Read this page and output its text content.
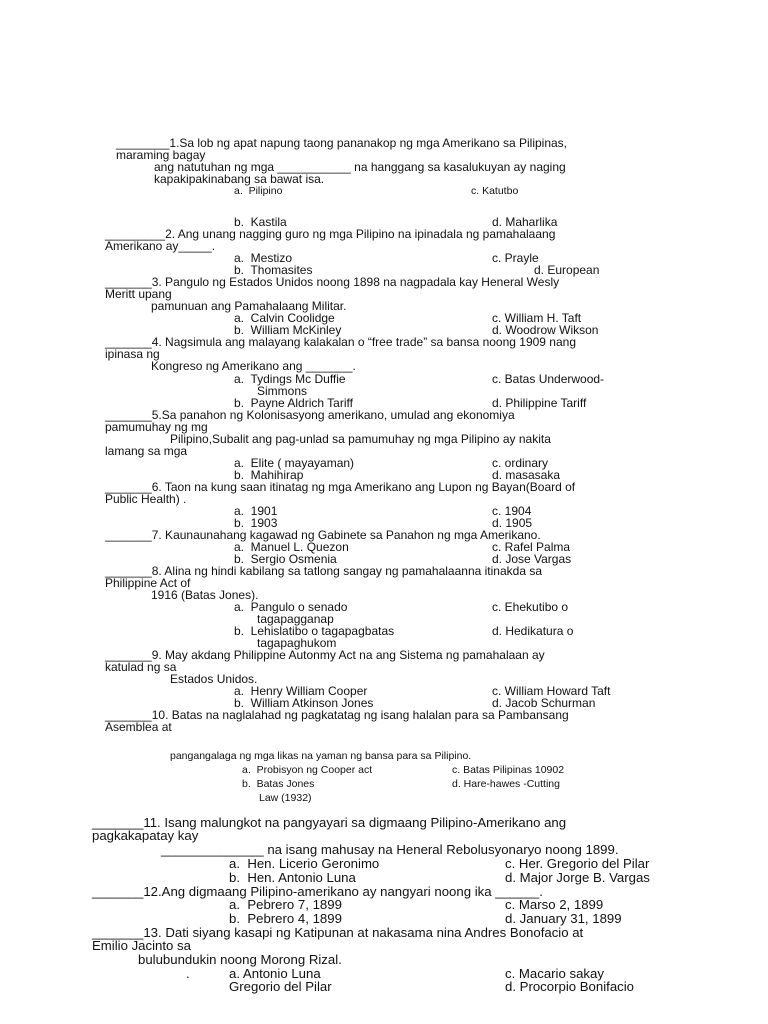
________1.Sa lob ng apat napung taong pananakop ng mga Amerikano sa Pilipinas,
maraming bagay
ang natutuhan ng mga ___________ na hanggang sa kasalukuyan ay naging
kapakipakinabang sa bawat isa.
a.  Pilipino	c. Katutbo
b.  Kastila	d. Maharlika
_________2. Ang unang nagging guro ng mga Pilipino na ipinadala ng pamahalaang
Amerikano ay_____.
a.  Mestizo	c. Prayle
b.  Thomasites	d. European
_______3. Pangulo ng Estados Unidos noong 1898 na nagpadala kay Heneral Wesly
Meritt upang
pamunuan ang Pamahalaang Militar.
a.  Calvin Coolidge	c. William H. Taft
b.  William McKinley	d. Woodrow Wikson
_______4. Nagsimula ang malayang kalakalan o “free trade” sa bansa noong 1909 nang
ipinasa ng
Kongreso ng Amerikano ang _______.
a.  Tydings Mc Duffie	c. Batas Underwood-
Simmons
b.  Payne Aldrich Tariff	d. Philippine Tariff
_______5.Sa panahon ng Kolonisasyong amerikano, umulad ang ekonomiya
pamumuhay ng mg
Pilipino,Subalit ang pag-unlad sa pamumuhay ng mga Pilipino ay nakita
lamang sa mga
a.  Elite ( mayayaman)	c. ordinary
b.  Mahihirap	d. masasaka
_______6. Taon na kung saan itinatag ng mga Amerikano ang Lupon ng Bayan(Board of
Public Health) .
a.  1901	c. 1904
b.  1903	d. 1905
_______7. Kaunaunahang kagawad ng Gabinete sa Panahon ng mga Amerikano.
a.  Manuel L. Quezon	c. Rafel Palma
b.  Sergio Osmenia	d. Jose Vargas
_______8. Alina ng hindi kabilang sa tatlong sangay ng pamahalaanna itinakda sa
Philippine Act of
1916 (Batas Jones).
a.  Pangulo o senado	c. Ehekutibo o
tagapagganap
b.  Lehislatibo o tagapagbatas	d. Hedikatura o
tagapaghukom
_______9. May akdang Philippine Autonmy Act na ang Sistema ng pamahalaan ay
katulad ng sa
Estados Unidos.
a.  Henry William Cooper	c. William Howard Taft
b.  William Atkinson Jones	d. Jacob Schurman
_______10. Batas na naglalahad ng pagkatatag ng isang halalan para sa Pambansang
Asemblea at
pangangalaga ng mga likas na yaman ng bansa para sa Pilipino.
a.  Probisyon ng Cooper act	c. Batas Pilipinas 10902
b.  Batas Jones	d. Hare-hawes -Cutting
Law (1932)
_______11. Isang malungkot na pangyayari sa digmaang Pilipino-Amerikano ang
pagkakapatay kay
______________ na isang mahusay na Heneral Rebolusyonaryo noong 1899.
a.  Hen. Licerio Geronimo	c. Her. Gregorio del Pilar
b.  Hen. Antonio Luna	d. Major Jorge B. Vargas
_______12.Ang digmaang Pilipino-amerikano ay nangyari noong ika ______.
a.  Pebrero 7, 1899	c. Marso 2, 1899
b.  Pebrero 4, 1899	d. January 31, 1899
_______13. Dati siyang kasapi ng Katipunan at nakasama nina Andres Bonofacio at
Emilio Jacinto sa
bulubundukin noong Morong Rizal.
.	a. Antonio Luna	c. Macario sakay
Gregorio del Pilar	d. Procorpio Bonifacio
